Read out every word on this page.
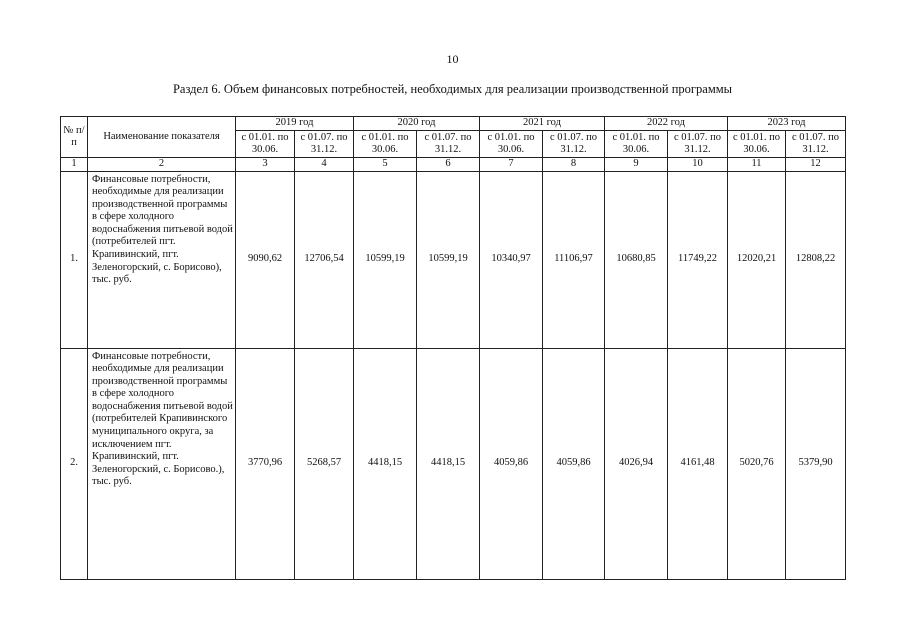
10
Раздел 6. Объем финансовых потребностей, необходимых для реализации производственной программы
№ п/п	Наименование показателя	2019 год		2020 год		2021 год		2022 год		2023 год	
		с 01.01. по 30.06.	с 01.07. по 31.12.	с 01.01. по 30.06.	с 01.07. по 31.12.	с 01.01. по 30.06.	с 01.07. по 31.12.	с 01.01. по 30.06.	с 01.07. по 31.12.	с 01.01. по 30.06.	с 01.07. по 31.12.
1	2	3	4	5	6	7	8	9	10	11	12
1.	Финансовые потребности, необходимые для реализации производственной программы в сфере холодного водоснабжения питьевой водой (потребителей пгт. Крапивинский, пгт. Зеленогорский, с. Борисово), тыс. руб.	9090,62	12706,54	10599,19	10599,19	10340,97	11106,97	10680,85	11749,22	12020,21	12808,22
2.	Финансовые потребности, необходимые для реализации производственной программы в сфере холодного водоснабжения питьевой водой (потребителей Крапивинского муниципального округа, за исключением пгт. Крапивинский, пгт. Зеленогорский, с. Борисово.), тыс. руб.	3770,96	5268,57	4418,15	4418,15	4059,86	4059,86	4026,94	4161,48	5020,76	5379,90
